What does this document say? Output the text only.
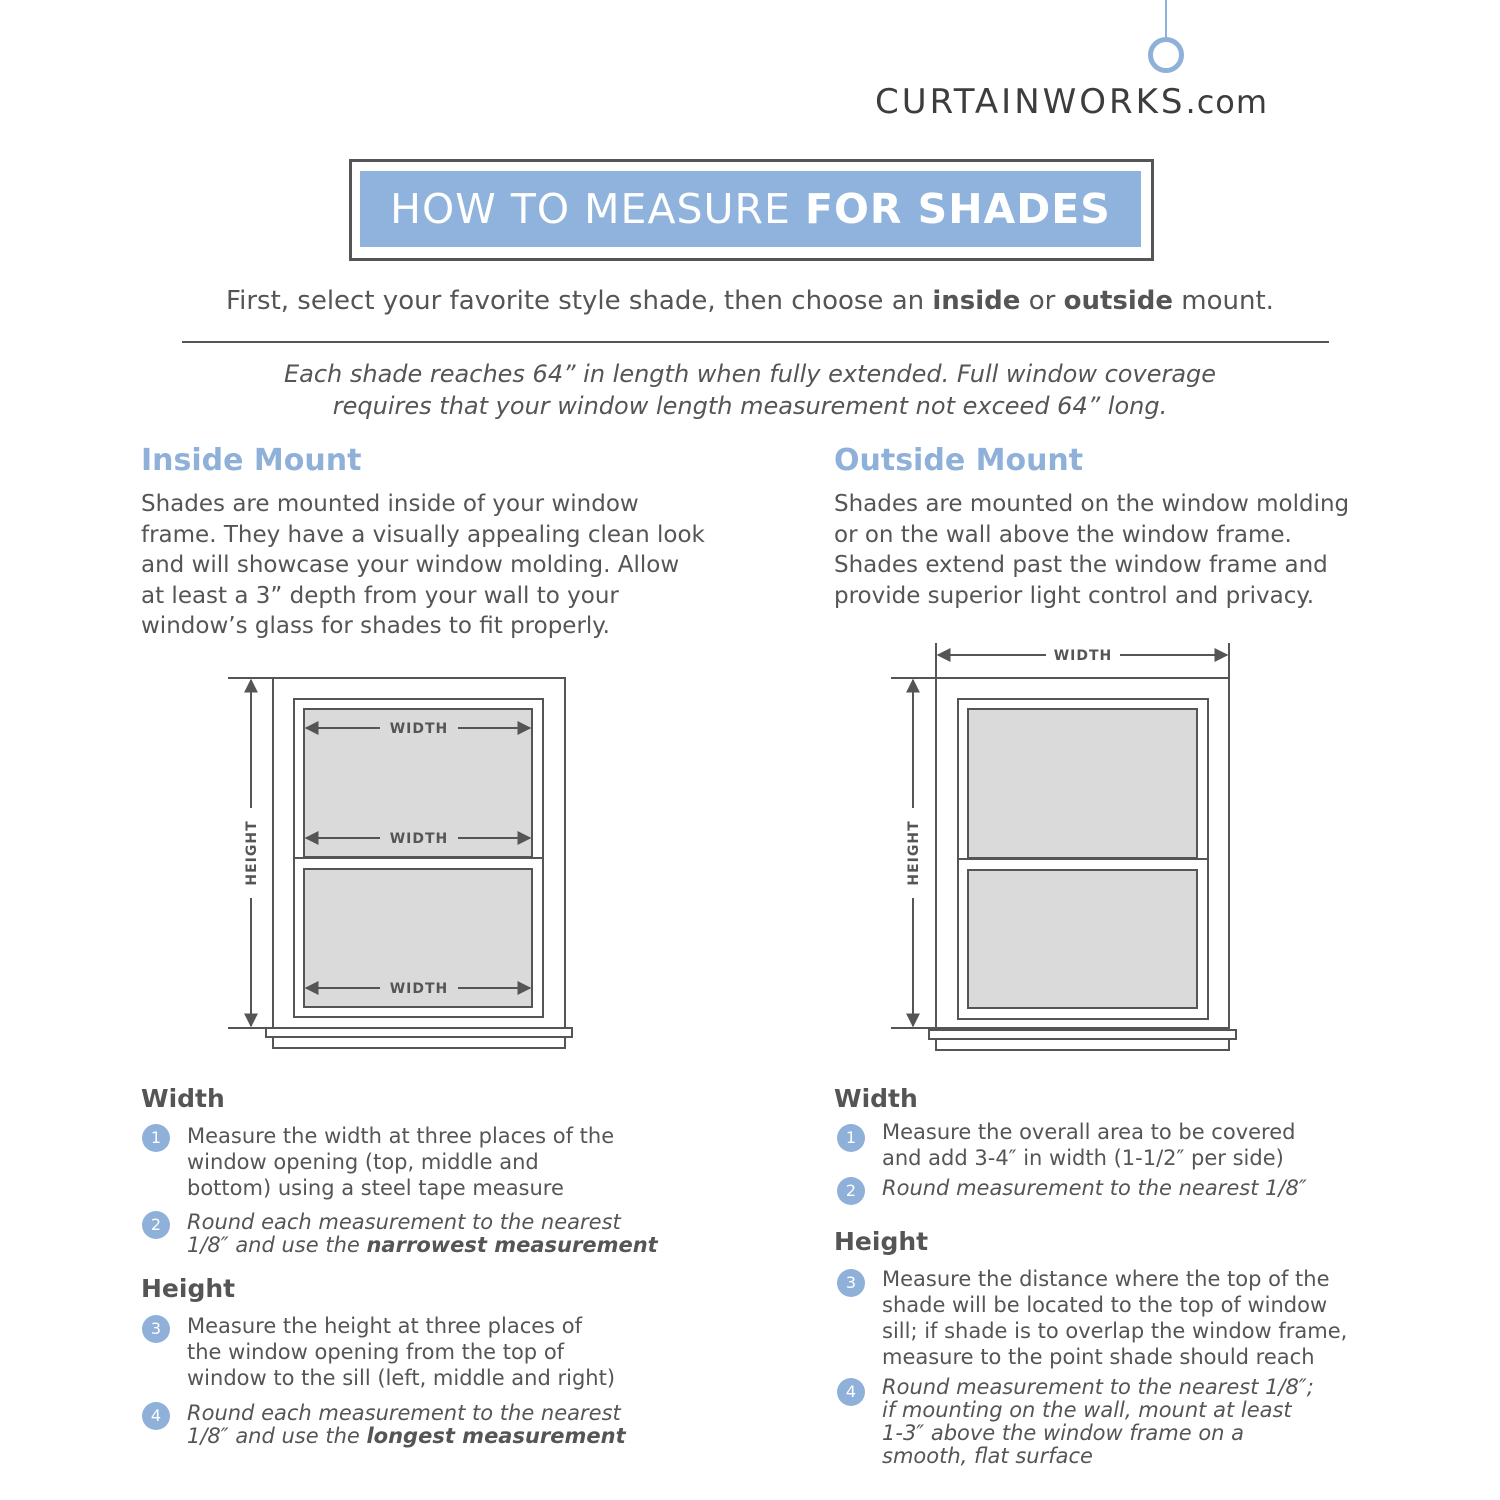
CURTAINWORKS.com
HOW TO MEASURE FOR SHADES
First, select your favorite style shade, then choose an inside or outside mount.
Each shade reaches 64” in length when fully extended. Full window coverage
requires that your window length measurement not exceed 64” long.
Inside Mount
Shades are mounted inside of your window
frame. They have a visually appealing clean look
and will showcase your window molding. Allow
at least a 3” depth from your wall to your
window’s glass for shades to fit properly.
WIDTH
WIDTH
WIDTH
HEIGHT
WIDTH
HEIGHT
Width
1	Measure the width at three places of the
window opening (top, middle and
bottom) using a steel tape measure
2	Round each measurement to the nearest
1/8″ and use the narrowest measurement
Height
3	Measure the height at three places of
the window opening from the top of
window to the sill (left, middle and right)
4	Round each measurement to the nearest
1/8″ and use the longest measurement
Outside Mount
Shades are mounted on the window molding
or on the wall above the window frame.
Shades extend past the window frame and
provide superior light control and privacy.
Width
1	Measure the overall area to be covered
and add 3-4″ in width (1-1/2″ per side)
2	Round measurement to the nearest 1/8″
Height
3	Measure the distance where the top of the
shade will be located to the top of window
sill; if shade is to overlap the window frame,
measure to the point shade should reach
4	Round measurement to the nearest 1/8″;
if mounting on the wall, mount at least
1-3″ above the window frame on a
smooth, flat surface
